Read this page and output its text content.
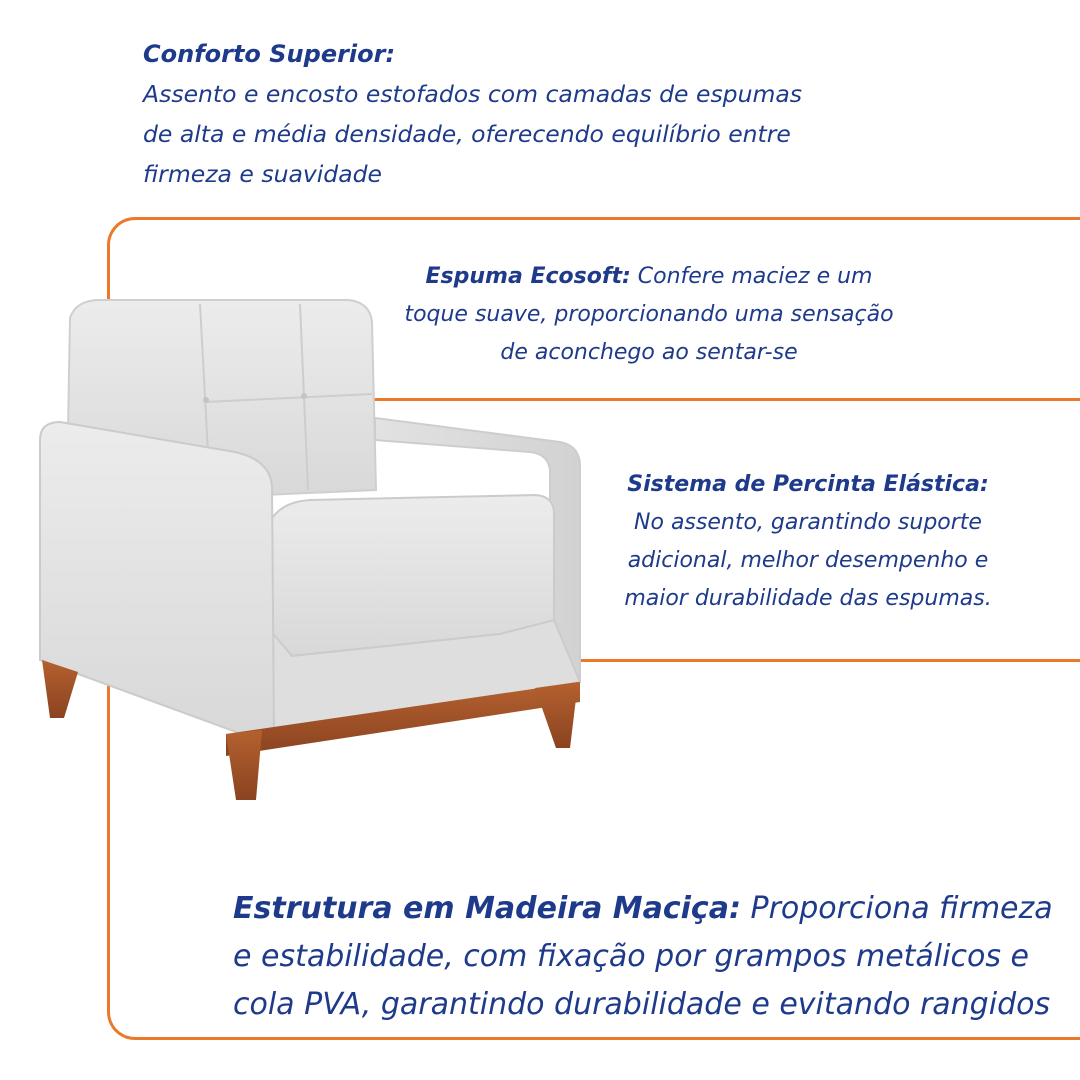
Conforto Superior:
Assento e encosto estofados com camadas de espumas de alta e média densidade, oferecendo equilíbrio entre firmeza e suavidade

Espuma Ecosoft: Confere maciez e um toque suave, proporcionando uma sensação de aconchego ao sentar-se

Sistema de Percinta Elástica:
No assento, garantindo suporte adicional, melhor desempenho e maior durabilidade das espumas.

Estrutura em Madeira Maciça: Proporciona firmeza e estabilidade, com fixação por grampos metálicos e cola PVA, garantindo durabilidade e evitando rangidos
